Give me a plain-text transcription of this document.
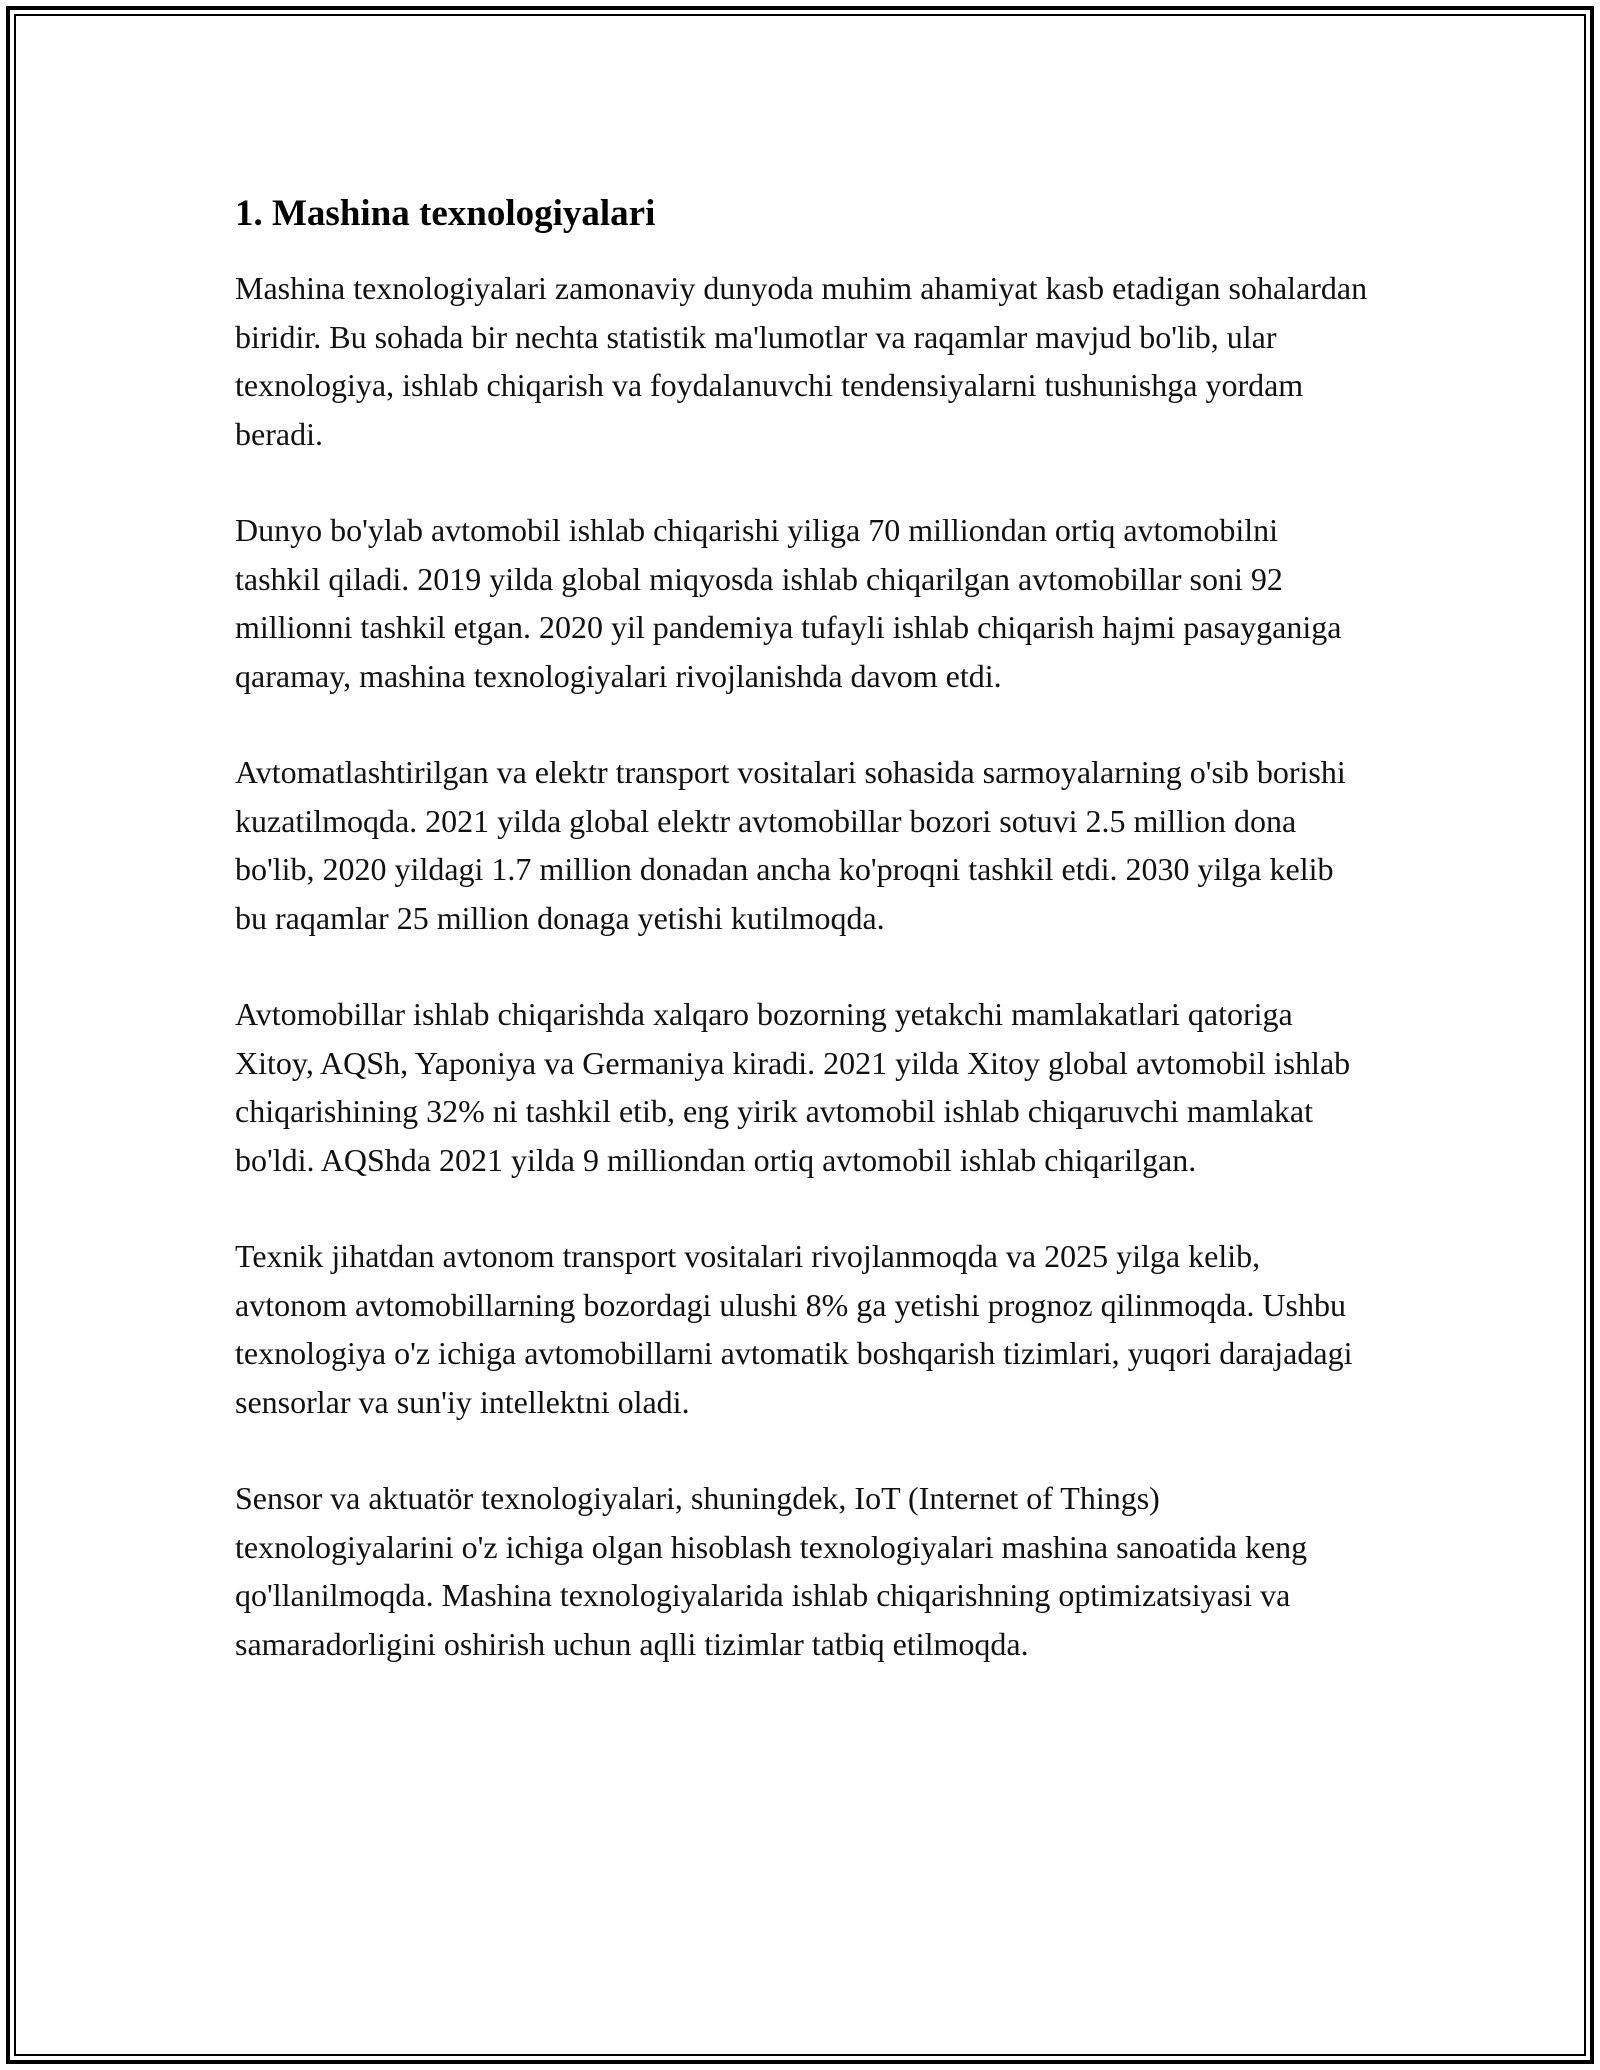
1. Mashina texnologiyalari

Mashina texnologiyalari zamonaviy dunyoda muhim ahamiyat kasb etadigan sohalardan biridir. Bu sohada bir nechta statistik ma'lumotlar va raqamlar mavjud bo'lib, ular texnologiya, ishlab chiqarish va foydalanuvchi tendensiyalarni tushunishga yordam beradi.

Dunyo bo'ylab avtomobil ishlab chiqarishi yiliga 70 milliondan ortiq avtomobilni tashkil qiladi. 2019 yilda global miqyosda ishlab chiqarilgan avtomobillar soni 92 millionni tashkil etgan. 2020 yil pandemiya tufayli ishlab chiqarish hajmi pasayganiga qaramay, mashina texnologiyalari rivojlanishda davom etdi.

Avtomatlashtirilgan va elektr transport vositalari sohasida sarmoyalarning o'sib borishi kuzatilmoqda. 2021 yilda global elektr avtomobillar bozori sotuvi 2.5 million dona bo'lib, 2020 yildagi 1.7 million donadan ancha ko'proqni tashkil etdi. 2030 yilga kelib bu raqamlar 25 million donaga yetishi kutilmoqda.

Avtomobillar ishlab chiqarishda xalqaro bozorning yetakchi mamlakatlari qatoriga Xitoy, AQSh, Yaponiya va Germaniya kiradi. 2021 yilda Xitoy global avtomobil ishlab chiqarishining 32% ni tashkil etib, eng yirik avtomobil ishlab chiqaruvchi mamlakat bo'ldi. AQShda 2021 yilda 9 milliondan ortiq avtomobil ishlab chiqarilgan.

Texnik jihatdan avtonom transport vositalari rivojlanmoqda va 2025 yilga kelib, avtonom avtomobillarning bozordagi ulushi 8% ga yetishi prognoz qilinmoqda. Ushbu texnologiya o'z ichiga avtomobillarni avtomatik boshqarish tizimlari, yuqori darajadagi sensorlar va sun'iy intellektni oladi.

Sensor va aktuatör texnologiyalari, shuningdek, IoT (Internet of Things) texnologiyalarini o'z ichiga olgan hisoblash texnologiyalari mashina sanoatida keng qo'llanilmoqda. Mashina texnologiyalarida ishlab chiqarishning optimizatsiyasi va samaradorligini oshirish uchun aqlli tizimlar tatbiq etilmoqda.
